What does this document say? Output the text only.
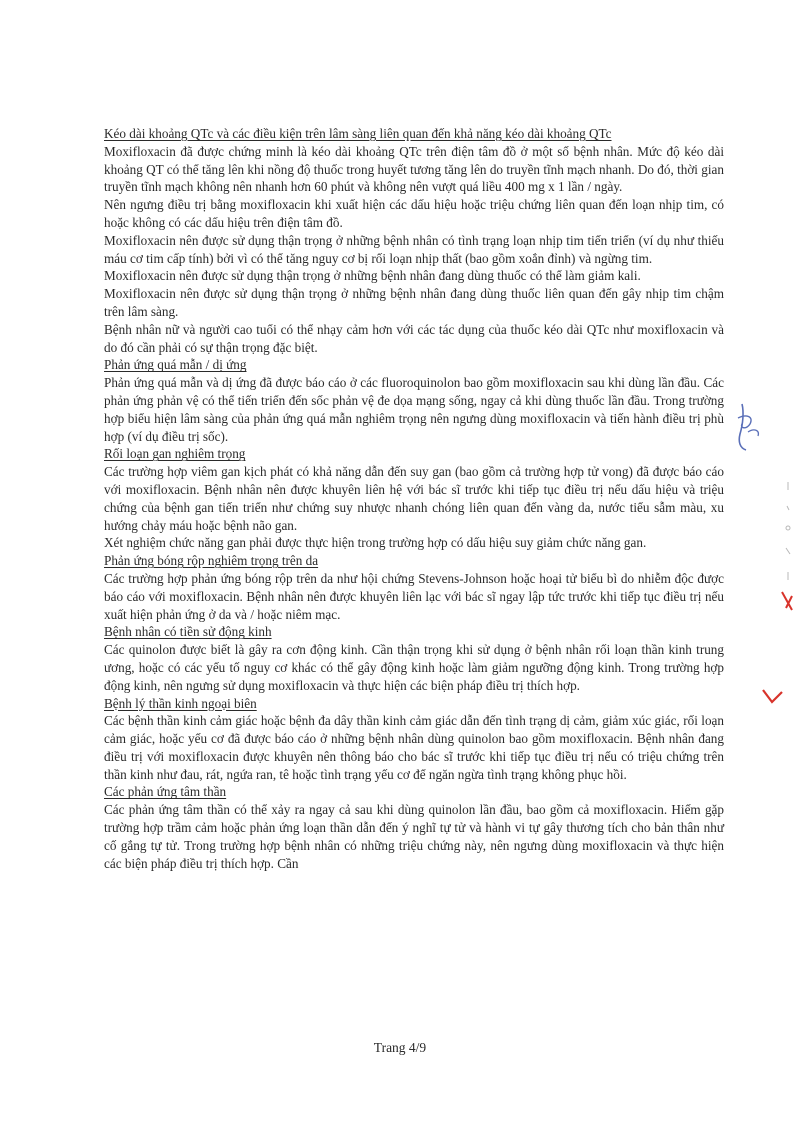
Kéo dài khoảng QTc và các điều kiện trên lâm sàng liên quan đến khả năng kéo dài khoảng QTc

Moxifloxacin đã được chứng minh là kéo dài khoảng QTc trên điện tâm đồ ở một số bệnh nhân. Mức độ kéo dài khoảng QT có thể tăng lên khi nồng độ thuốc trong huyết tương tăng lên do truyền tĩnh mạch nhanh. Do đó, thời gian truyền tĩnh mạch không nên nhanh hơn 60 phút và không nên vượt quá liều 400 mg x 1 lần / ngày.

Nên ngưng điều trị bằng moxifloxacin khi xuất hiện các dấu hiệu hoặc triệu chứng liên quan đến loạn nhịp tim, có hoặc không có các dấu hiệu trên điện tâm đồ.

Moxifloxacin nên được sử dụng thận trọng ở những bệnh nhân có tình trạng loạn nhịp tim tiến triển (ví dụ như thiếu máu cơ tim cấp tính) bởi vì có thể tăng nguy cơ bị rối loạn nhịp thất (bao gồm xoắn đỉnh) và ngừng tim.

Moxifloxacin nên được sử dụng thận trọng ở những bệnh nhân đang dùng thuốc có thể làm giảm kali.

Moxifloxacin nên được sử dụng thận trọng ở những bệnh nhân đang dùng thuốc liên quan đến gây nhịp tim chậm trên lâm sàng.

Bệnh nhân nữ và người cao tuổi có thể nhạy cảm hơn với các tác dụng của thuốc kéo dài QTc như moxifloxacin và do đó cần phải có sự thận trọng đặc biệt.

Phản ứng quá mẫn / dị ứng

Phản ứng quá mẫn và dị ứng đã được báo cáo ở các fluoroquinolon bao gồm moxifloxacin sau khi dùng lần đầu. Các phản ứng phản vệ có thể tiến triển đến sốc phản vệ đe dọa mạng sống, ngay cả khi dùng thuốc lần đầu. Trong trường hợp biểu hiện lâm sàng của phản ứng quá mẫn nghiêm trọng nên ngưng dùng moxifloxacin và tiến hành điều trị phù hợp (ví dụ điều trị sốc).

Rối loạn gan nghiêm trọng

Các trường hợp viêm gan kịch phát có khả năng dẫn đến suy gan (bao gồm cả trường hợp tử vong) đã được báo cáo với moxifloxacin. Bệnh nhân nên được khuyên liên hệ với bác sĩ trước khi tiếp tục điều trị nếu dấu hiệu và triệu chứng của bệnh gan tiến triển như chứng suy nhược nhanh chóng liên quan đến vàng da, nước tiểu sẫm màu, xu hướng chảy máu hoặc bệnh não gan.

Xét nghiệm chức năng gan phải được thực hiện trong trường hợp có dấu hiệu suy giảm chức năng gan.

Phản ứng bóng rộp nghiêm trọng trên da

Các trường hợp phản ứng bóng rộp trên da như hội chứng Stevens-Johnson hoặc hoại tử biểu bì do nhiễm độc được báo cáo với moxifloxacin. Bệnh nhân nên được khuyên liên lạc với bác sĩ ngay lập tức trước khi tiếp tục điều trị nếu xuất hiện phản ứng ở da và / hoặc niêm mạc.

Bệnh nhân có tiền sử động kinh

Các quinolon được biết là gây ra cơn động kinh. Cần thận trọng khi sử dụng ở bệnh nhân rối loạn thần kinh trung ương, hoặc có các yếu tố nguy cơ khác có thể gây động kinh hoặc làm giảm ngưỡng động kinh. Trong trường hợp động kinh, nên ngưng sử dụng moxifloxacin và thực hiện các biện pháp điều trị thích hợp.

Bệnh lý thần kinh ngoại biên

Các bệnh thần kinh cảm giác hoặc bệnh đa dây thần kinh cảm giác dẫn đến tình trạng dị cảm, giảm xúc giác, rối loạn cảm giác, hoặc yếu cơ đã được báo cáo ở những bệnh nhân dùng quinolon bao gồm moxifloxacin. Bệnh nhân đang điều trị với moxifloxacin được khuyên nên thông báo cho bác sĩ trước khi tiếp tục điều trị nếu có triệu chứng trên thần kinh như đau, rát, ngứa ran, tê hoặc tình trạng yếu cơ để ngăn ngừa tình trạng không phục hồi.

Các phản ứng tâm thần

Các phản ứng tâm thần có thể xảy ra ngay cả sau khi dùng quinolon lần đầu, bao gồm cả moxifloxacin. Hiếm gặp trường hợp trầm cảm hoặc phản ứng loạn thần dẫn đến ý nghĩ tự tử và hành vi tự gây thương tích cho bản thân như cố gắng tự tử. Trong trường hợp bệnh nhân có những triệu chứng này, nên ngưng dùng moxifloxacin và thực hiện các biện pháp điều trị thích hợp. Cần

Trang 4/9
